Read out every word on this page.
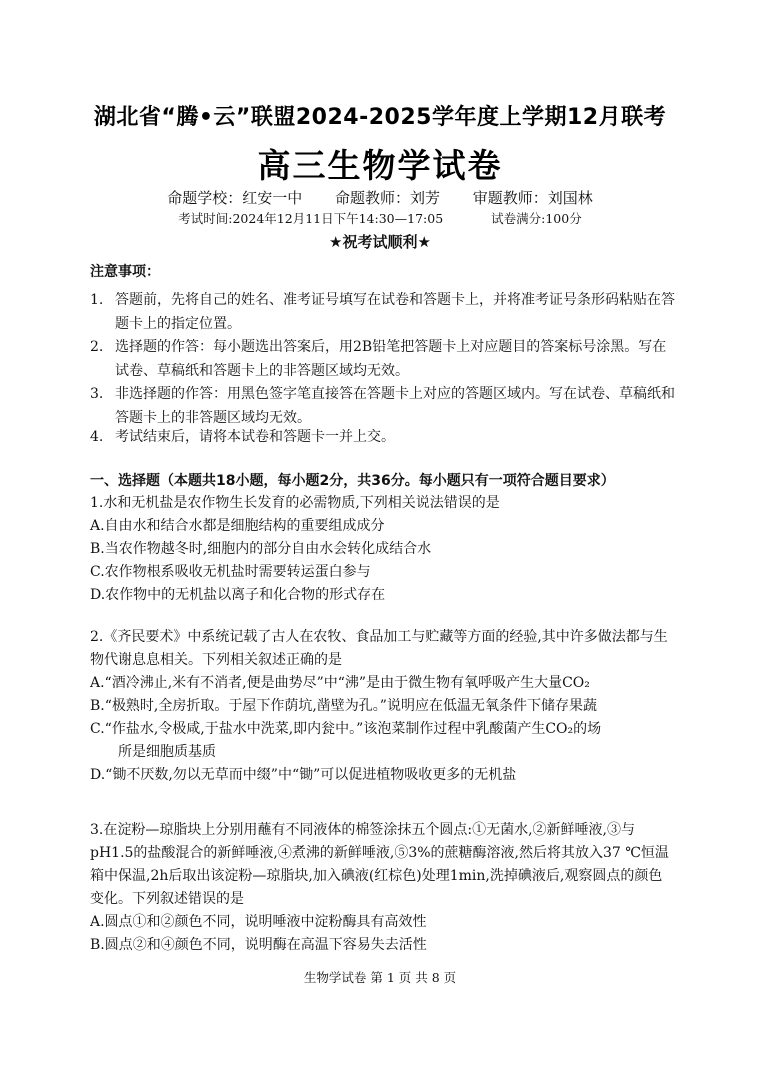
湖北省“腾•云”联盟2024-2025学年度上学期12月联考
高三生物学试卷
命题学校：红安一中 命题教师：刘芳 审题教师：刘国林
考试时间:2024年12月11日下午14:30—17:05	试卷满分:100分
★祝考试顺利★
注意事项：
1. 答题前，先将自己的姓名、准考证号填写在试卷和答题卡上，并将准考证号条形码粘贴在答题卡上的指定位置。
2. 选择题的作答：每小题选出答案后，用2B铅笔把答题卡上对应题目的答案标号涂黑。写在试卷、草稿纸和答题卡上的非答题区域均无效。
3. 非选择题的作答：用黑色签字笔直接答在答题卡上对应的答题区域内。写在试卷、草稿纸和答题卡上的非答题区域均无效。
4. 考试结束后，请将本试卷和答题卡一并上交。
一、选择题（本题共18小题，每小题2分，共36分。每小题只有一项符合题目要求）

1.水和无机盐是农作物生长发育的必需物质,下列相关说法错误的是

A.自由水和结合水都是细胞结构的重要组成成分

B.当农作物越冬时,细胞内的部分自由水会转化成结合水

C.农作物根系吸收无机盐时需要转运蛋白参与

D.农作物中的无机盐以离子和化合物的形式存在

2.《齐民要术》中系统记载了古人在农牧、食品加工与贮藏等方面的经验,其中许多做法都与生物代谢息息相关。下列相关叙述正确的是

A.“酒冷沸止,米有不消者,便是曲势尽”中“沸”是由于微生物有氧呼吸产生大量CO₂

B.“极熟时,全房折取。于屋下作荫坑,凿壁为孔。”说明应在低温无氧条件下储存果蔬

C.“作盐水,令极咸,于盐水中洗菜,即内瓮中。”该泡菜制作过程中乳酸菌产生CO₂的场

所是细胞质基质

D.“锄不厌数,勿以无草而中缀”中“锄”可以促进植物吸收更多的无机盐

3.在淀粉—琼脂块上分别用蘸有不同液体的棉签涂抹五个圆点:①无菌水,②新鲜唾液,③与pH1.5的盐酸混合的新鲜唾液,④煮沸的新鲜唾液,⑤3%的蔗糖酶溶液,然后将其放入37 ℃恒温箱中保温,2h后取出该淀粉—琼脂块,加入碘液(红棕色)处理1min,洗掉碘液后,观察圆点的颜色变化。下列叙述错误的是

A.圆点①和②颜色不同，说明唾液中淀粉酶具有高效性

B.圆点②和④颜色不同，说明酶在高温下容易失去活性

生物学试卷 第 1 页 共 8 页
